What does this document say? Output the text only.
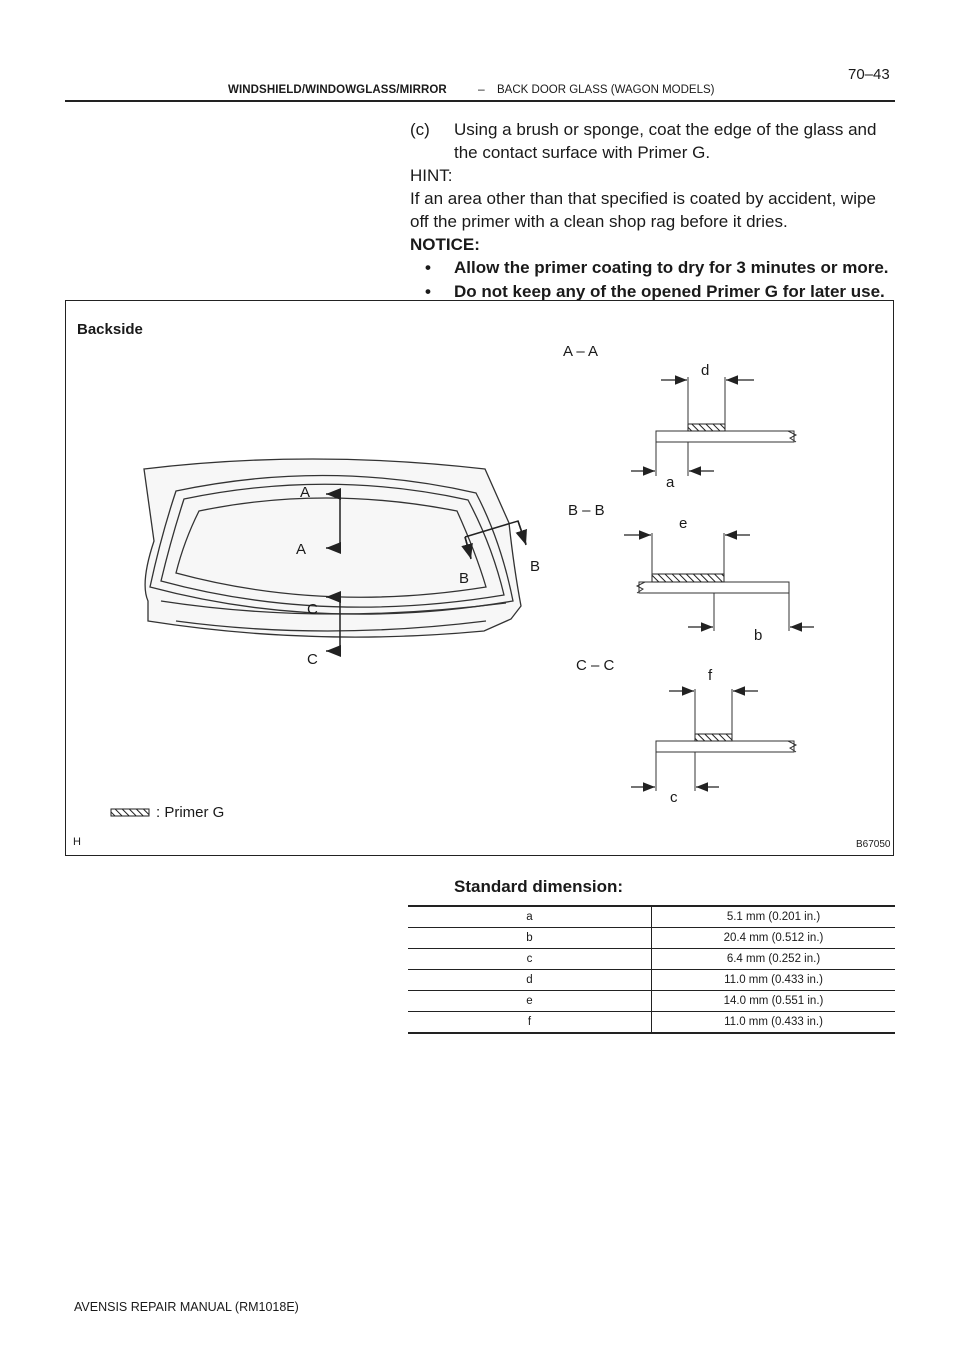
WINDSHIELD/WINDOWGLASS/MIRROR	– BACK DOOR GLASS (WAGON MODELS)
70–43
(c) Using a brush or sponge, coat the edge of the glass and
the contact surface with Primer G.
HINT:
If an area other than that specified is coated by accident, wipe
off the primer with a clean shop rag before it dries.
NOTICE:
• Allow the primer coating to dry for 3 minutes or more.
• Do not keep any of the opened Primer G for later use.
Backside
A – A
B – B
C – C
A
A
B
B
C
C
d
a
e
b
f
c
: Primer G
H	B67050
Standard dimension:
a	5.1 mm (0.201 in.)
b	20.4 mm (0.512 in.)
c	6.4 mm (0.252 in.)
d	11.0 mm (0.433 in.)
e	14.0 mm (0.551 in.)
f	11.0 mm (0.433 in.)
AVENSIS REPAIR MANUAL (RM1018E)
